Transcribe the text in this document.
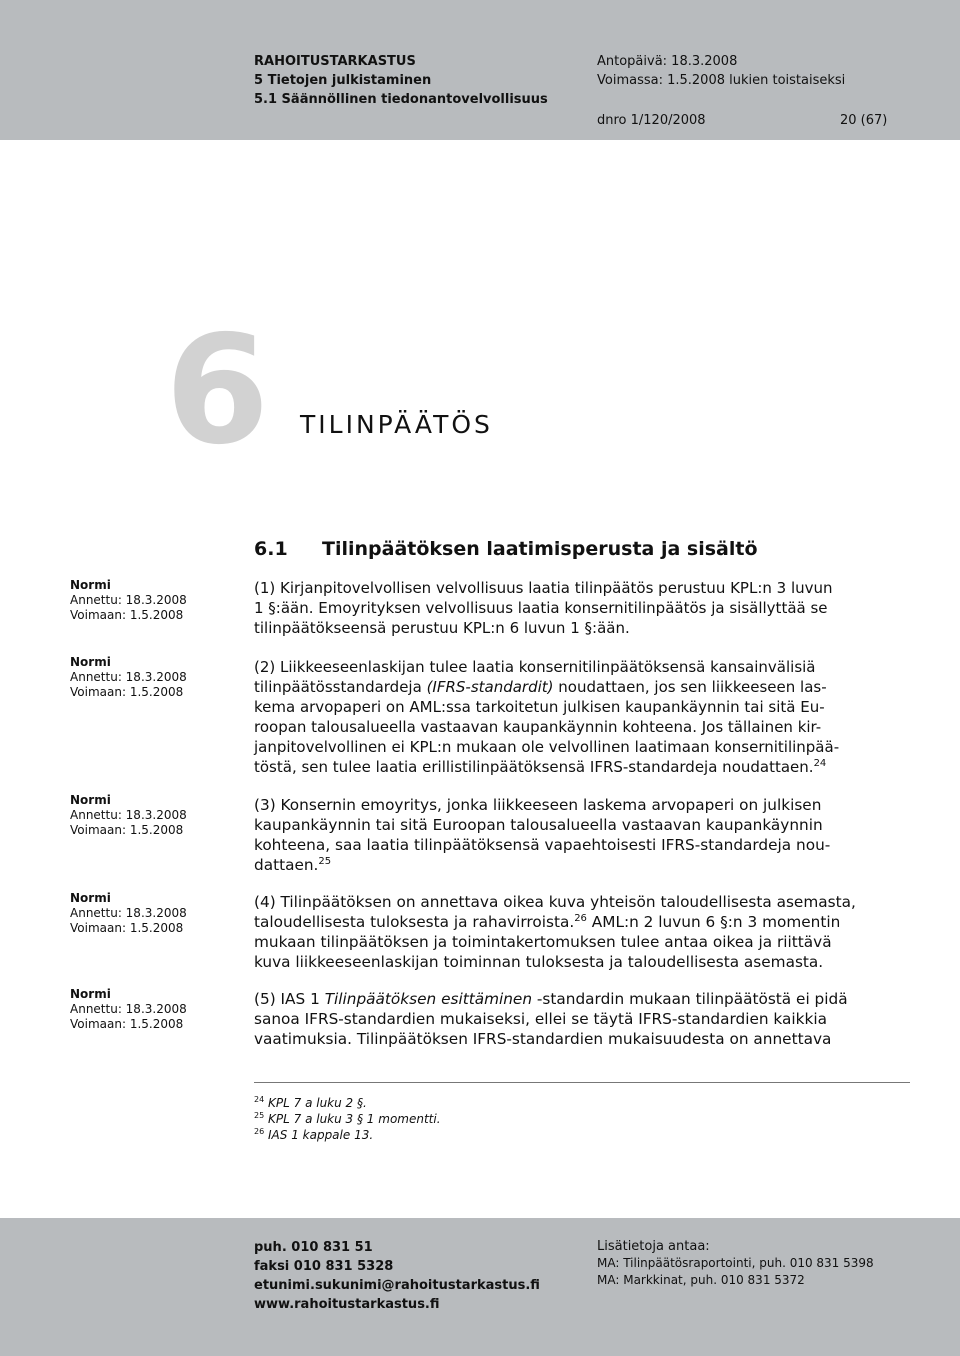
RAHOITUSTARKASTUS
5 Tietojen julkistaminen
5.1 Säännöllinen tiedonantovelvollisuus
Antopäivä: 18.3.2008
Voimassa: 1.5.2008 lukien toistaiseksi
dnro 1/120/2008	20 (67)
6 TILINPÄÄTÖS
6.1 Tilinpäätöksen laatimisperusta ja sisältö
Normi
Annettu: 18.3.2008
Voimaan: 1.5.2008
Normi
Annettu: 18.3.2008
Voimaan: 1.5.2008
Normi
Annettu: 18.3.2008
Voimaan: 1.5.2008
Normi
Annettu: 18.3.2008
Voimaan: 1.5.2008
Normi
Annettu: 18.3.2008
Voimaan: 1.5.2008
(1) Kirjanpitovelvollisen velvollisuus laatia tilinpäätös perustuu KPL:n 3 luvun
1 §:ään. Emoyrityksen velvollisuus laatia konsernitilinpäätös ja sisällyttää se
tilinpäätökseensä perustuu KPL:n 6 luvun 1 §:ään.
(2) Liikkeeseenlaskijan tulee laatia konsernitilinpäätöksensä kansainvälisiä
tilinpäätösstandardeja (IFRS-standardit) noudattaen, jos sen liikkeeseen las-
kema arvopaperi on AML:ssa tarkoitetun julkisen kaupankäynnin tai sitä Eu-
roopan talousalueella vastaavan kaupankäynnin kohteena. Jos tällainen kir-
janpitovelvollinen ei KPL:n mukaan ole velvollinen laatimaan konsernitilinpää-
töstä, sen tulee laatia erillistilinpäätöksensä IFRS-standardeja noudattaen.$^{24}$
(3) Konsernin emoyritys, jonka liikkeeseen laskema arvopaperi on julkisen
kaupankäynnin tai sitä Euroopan talousalueella vastaavan kaupankäynnin
kohteena, saa laatia tilinpäätöksensä vapaehtoisesti IFRS-standardeja nou-
dattaen.$^{25}$
(4) Tilinpäätöksen on annettava oikea kuva yhteisön taloudellisesta asemasta,
taloudellisesta tuloksesta ja rahavirroista.$^{26}$ AML:n 2 luvun 6 §:n 3 momentin
mukaan tilinpäätöksen ja toimintakertomuksen tulee antaa oikea ja riittävä
kuva liikkeeseenlaskijan toiminnan tuloksesta ja taloudellisesta asemasta.
(5) IAS 1 Tilinpäätöksen esittäminen -standardin mukaan tilinpäätöstä ei pidä
sanoa IFRS-standardien mukaiseksi, ellei se täytä IFRS-standardien kaikkia
vaatimuksia. Tilinpäätöksen IFRS-standardien mukaisuudesta on annettava
$^{24}$ KPL 7 a luku 2 §.
$^{25}$ KPL 7 a luku 3 § 1 momentti.
$^{26}$ IAS 1 kappale 13.
puh. 010 831 51
faksi 010 831 5328
etunimi.sukunimi@rahoitustarkastus.fi
www.rahoitustarkastus.fi
Lisätietoja antaa:
MA: Tilinpäätösraportointi, puh. 010 831 5398
MA: Markkinat, puh. 010 831 5372
